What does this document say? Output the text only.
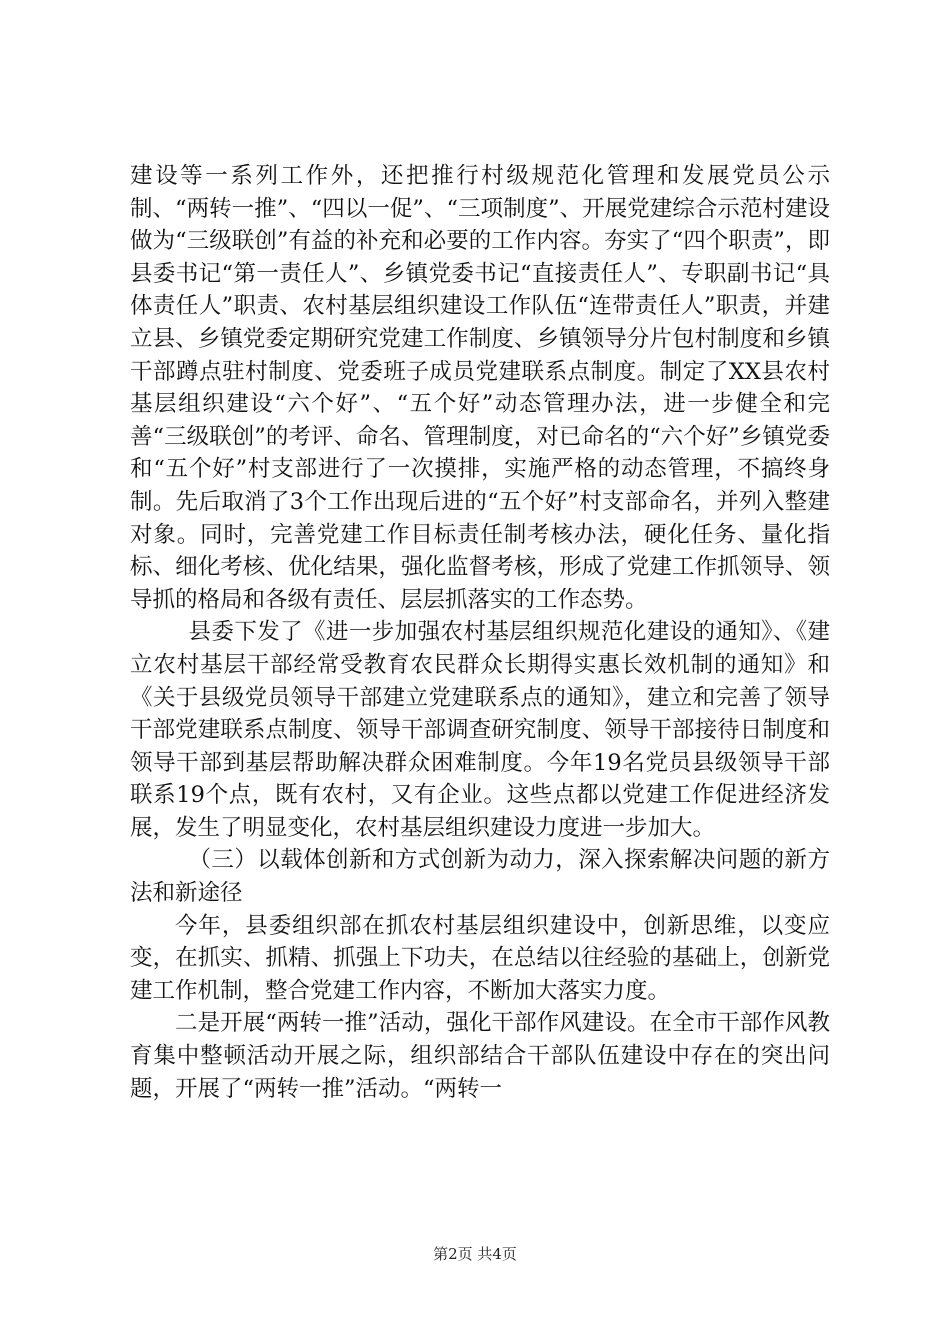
建设等一系列工作外，还把推行村级规范化管理和发展党员公示制、“两转一推”、“四以一促”、“三项制度”、开展党建综合示范村建设做为“三级联创”有益的补充和必要的工作内容。夯实了“四个职责”，即县委书记“第一责任人”、乡镇党委书记“直接责任人”、专职副书记“具体责任人”职责、农村基层组织建设工作队伍“连带责任人”职责，并建立县、乡镇党委定期研究党建工作制度、乡镇领导分片包村制度和乡镇干部蹲点驻村制度、党委班子成员党建联系点制度。制定了XX县农村基层组织建设“六个好”、“五个好”动态管理办法，进一步健全和完善“三级联创”的考评、命名、管理制度，对已命名的“六个好”乡镇党委和“五个好”村支部进行了一次摸排，实施严格的动态管理，不搞终身制。先后取消了3个工作出现后进的“五个好”村支部命名，并列入整建对象。同时，完善党建工作目标责任制考核办法，硬化任务、量化指标、细化考核、优化结果，强化监督考核，形成了党建工作抓领导、领导抓的格局和各级有责任、层层抓落实的工作态势。

县委下发了《进一步加强农村基层组织规范化建设的通知》、《建立农村基层干部经常受教育农民群众长期得实惠长效机制的通知》和《关于县级党员领导干部建立党建联系点的通知》，建立和完善了领导干部党建联系点制度、领导干部调查研究制度、领导干部接待日制度和领导干部到基层帮助解决群众困难制度。今年19名党员县级领导干部联系19个点，既有农村，又有企业。这些点都以党建工作促进经济发展，发生了明显变化，农村基层组织建设力度进一步加大。

（三）以载体创新和方式创新为动力，深入探索解决问题的新方法和新途径

今年，县委组织部在抓农村基层组织建设中，创新思维，以变应变，在抓实、抓精、抓强上下功夫，在总结以往经验的基础上，创新党建工作机制，整合党建工作内容，不断加大落实力度。

二是开展“两转一推”活动，强化干部作风建设。在全市干部作风教育集中整顿活动开展之际，组织部结合干部队伍建设中存在的突出问题，开展了“两转一推”活动。“两转一

第2页 共4页
